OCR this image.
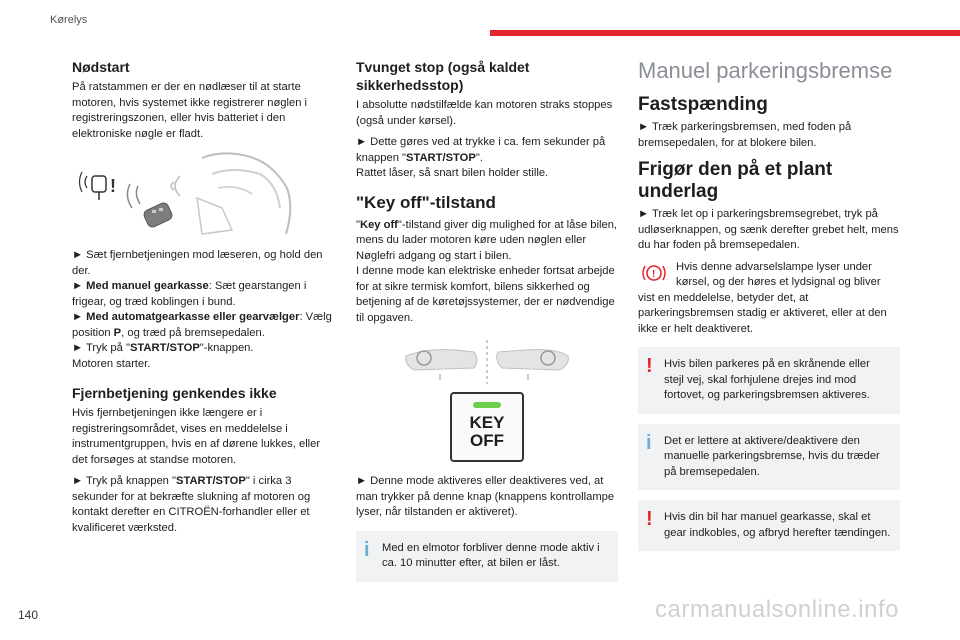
Kørelys
Nødstart

På ratstammen er der en nødlæser til at starte motoren, hvis systemet ikke registrerer nøglen i registreringszonen, eller hvis batteriet i den elektroniske nøgle er fladt.

!

► Sæt fjernbetjeningen mod læseren, og hold den der.
► Med manuel gearkasse: Sæt gearstangen i frigear, og træd koblingen i bund.
► Med automatgearkasse eller gearvælger: Vælg position P, og træd på bremsepedalen.
► Tryk på "START/STOP"-knappen.
Motoren starter.

Fjernbetjening genkendes ikke

Hvis fjernbetjeningen ikke længere er i registreringsområdet, vises en meddelelse i instrumentgruppen, hvis en af dørene lukkes, eller det forsøges at standse motoren.

► Tryk på knappen "START/STOP" i cirka 3 sekunder for at bekræfte slukning af motoren og kontakt derefter en CITROËN-forhandler eller et kvalificeret værksted.

Tvunget stop (også kaldet sikkerhedsstop)

I absolutte nødstilfælde kan motoren straks stoppes (også under kørsel).

► Dette gøres ved at trykke i ca. fem sekunder på knappen "START/STOP".

Rattet låser, så snart bilen holder stille.

"Key off"-tilstand

"Key off"-tilstand giver dig mulighed for at låse bilen, mens du lader motoren køre uden nøglen eller Nøglefri adgang og start i bilen.

I denne mode kan elektriske enheder fortsat arbejde for at sikre termisk komfort, bilens sikkerhed og betjening af de køretøjssystemer, der er nødvendige til opgaven.

KEY
OFF

► Denne mode aktiveres eller deaktiveres ved, at man trykker på denne knap (knappens kontrollampe lyser, når tilstanden er aktiveret).

i	Med en elmotor forbliver denne mode aktiv i ca. 10 minutter efter, at bilen er låst.
Manuel parkeringsbremse
Fastspænding

► Træk parkeringsbremsen, med foden på bremsepedalen, for at blokere bilen.

Frigør den på et plant underlag

► Træk let op i parkeringsbremsegrebet, tryk på udløserknappen, og sænk derefter grebet helt, mens du har foden på bremsepedalen.

!

Hvis denne advarselslampe lyser under kørsel, og der høres et lydsignal og bliver vist en meddelelse, betyder det, at parkeringsbremsen stadig er aktiveret, eller at den ikke er helt deaktiveret.

!	Hvis bilen parkeres på en skrånende eller stejl vej, skal forhjulene drejes ind mod fortovet, og parkeringsbremsen aktiveres.
i	Det er lettere at aktivere/deaktivere den manuelle parkeringsbremse, hvis du træder på bremsepedalen.
!	Hvis din bil har manuel gearkasse, skal et gear indkobles, og afbryd herefter tændingen.
140	carmanualsonline.info
